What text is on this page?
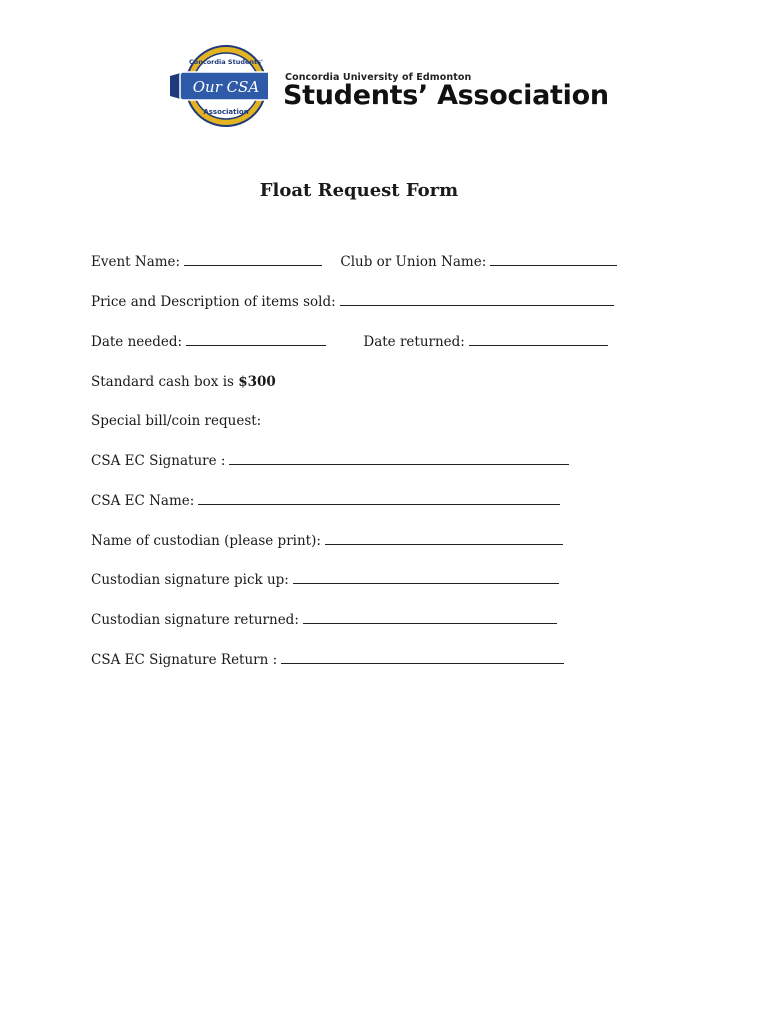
Our CSA
Concordia Students'
Association
Concordia University of Edmonton
Students’ Association
Float Request Form
Event Name:	Club or Union Name:
Price and Description of items sold:
Date needed:	Date returned:
Standard cash box is $300
Special bill/coin request:
CSA EC Signature :
CSA EC Name:
Name of custodian (please print):
Custodian signature pick up:
Custodian signature returned:
CSA EC Signature Return :
